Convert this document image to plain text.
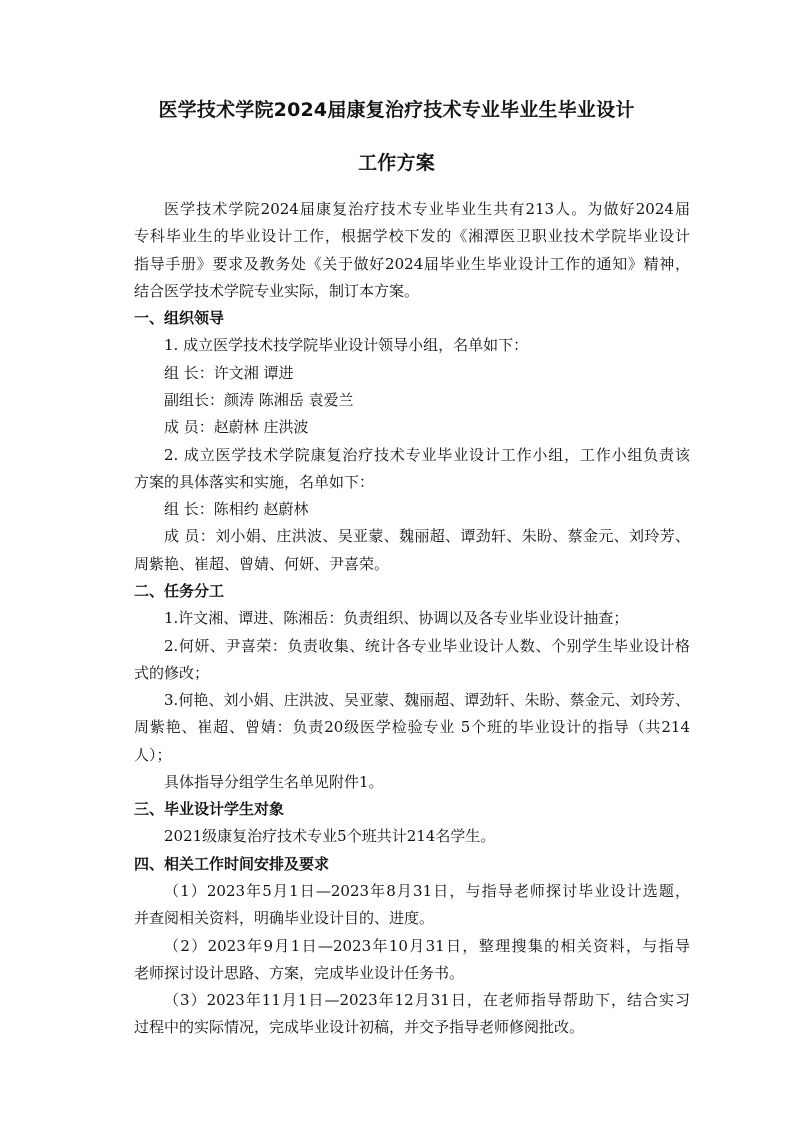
医学技术学院2024届康复治疗技术专业毕业生毕业设计
工作方案
医学技术学院2024届康复治疗技术专业毕业生共有213人。为做好2024届
专科毕业生的毕业设计工作，根据学校下发的《湘潭医卫职业技术学院毕业设计
指导手册》要求及教务处《关于做好2024届毕业生毕业设计工作的通知》精神，
结合医学技术学院专业实际，制订本方案。
一、组织领导
1. 成立医学技术技学院毕业设计领导小组，名单如下：
组 长：许文湘 谭进
副组长：颜涛 陈湘岳 袁爱兰
成 员：赵蔚林 庄洪波
2. 成立医学技术学院康复治疗技术专业毕业设计工作小组，工作小组负责该
方案的具体落实和实施，名单如下：
组 长：陈相约 赵蔚林
成 员：刘小娟、庄洪波、吴亚蒙、魏丽超、谭劲轩、朱盼、蔡金元、刘玲芳、
周紫艳、崔超、曾婧、何妍、尹喜荣。
二、任务分工
1.许文湘、谭进、陈湘岳：负责组织、协调以及各专业毕业设计抽查；
2.何妍、尹喜荣：负责收集、统计各专业毕业设计人数、个别学生毕业设计格
式的修改；
3.何艳、刘小娟、庄洪波、吴亚蒙、魏丽超、谭劲轩、朱盼、蔡金元、刘玲芳、
周紫艳、崔超、曾婧：负责20级医学检验专业 5个班的毕业设计的指导（共214
人）；
具体指导分组学生名单见附件1。
三、毕业设计学生对象
2021级康复治疗技术专业5个班共计214名学生。
四、相关工作时间安排及要求
（1）2023年5月1日—2023年8月31日，与指导老师探讨毕业设计选题，
并查阅相关资料，明确毕业设计目的、进度。
（2）2023年9月1日—2023年10月31日，整理搜集的相关资料，与指导
老师探讨设计思路、方案，完成毕业设计任务书。
（3）2023年11月1日—2023年12月31日，在老师指导帮助下，结合实习
过程中的实际情况，完成毕业设计初稿，并交予指导老师修阅批改。
